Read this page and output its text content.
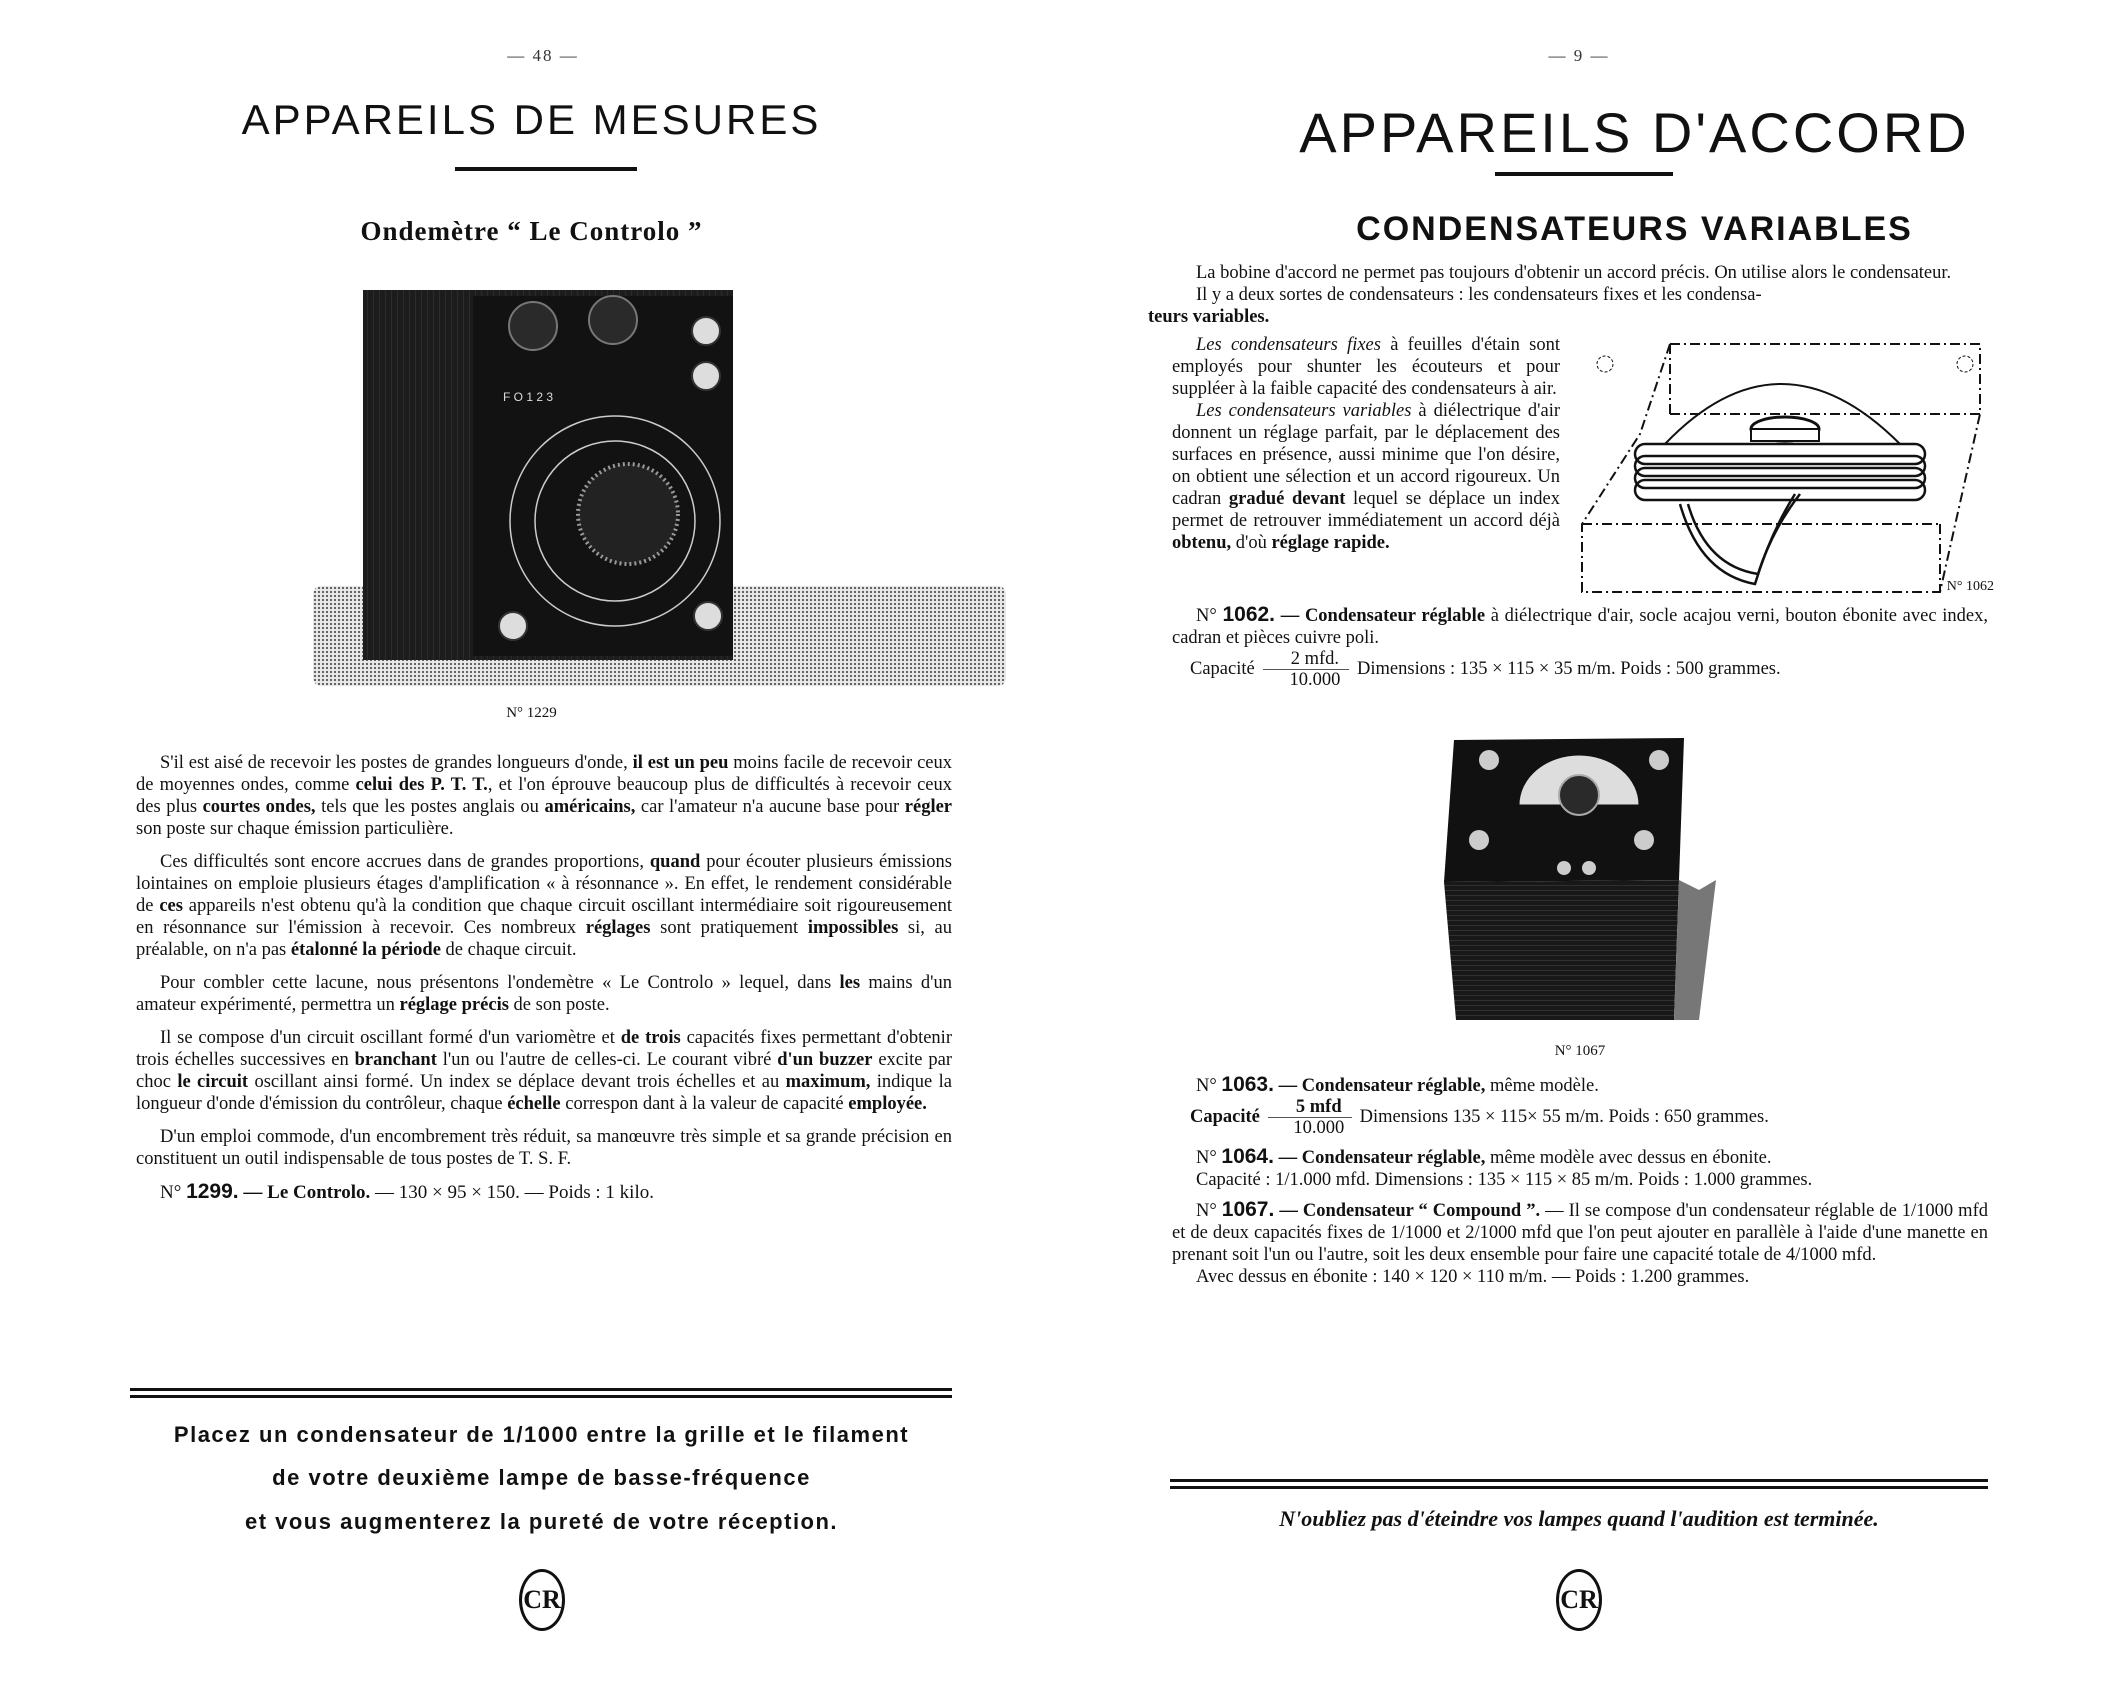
— 48 —
APPAREILS DE MESURES
Ondemètre “ Le Controlo ”
F O 1 2 3
N° 1229

S'il est aisé de recevoir les postes de grandes longueurs d'onde, il est un peu moins facile de recevoir ceux de moyennes ondes, comme celui des P. T. T., et l'on éprouve beaucoup plus de difficultés à recevoir ceux des plus courtes ondes, tels que les postes anglais ou américains, car l'amateur n'a aucune base pour régler son poste sur chaque émission particulière.

Ces difficultés sont encore accrues dans de grandes proportions, quand pour écouter plusieurs émissions lointaines on emploie plusieurs étages d'amplification « à résonnance ». En effet, le rendement considérable de ces appareils n'est obtenu qu'à la condition que chaque circuit oscillant intermédiaire soit rigoureusement en résonnance sur l'émission à recevoir. Ces nombreux réglages sont pratiquement impossibles si, au préalable, on n'a pas étalonné la période de chaque circuit.

Pour combler cette lacune, nous présentons l'ondemètre « Le Controlo » lequel, dans les mains d'un amateur expérimenté, permettra un réglage précis de son poste.

Il se compose d'un circuit oscillant formé d'un variomètre et de trois capacités fixes permettant d'obtenir trois échelles successives en branchant l'un ou l'autre de celles-ci. Le courant vibré d'un buzzer excite par choc le circuit oscillant ainsi formé. Un index se déplace devant trois échelles et au maximum, indique la longueur d'onde d'émission du contrôleur, chaque échelle correspon dant à la valeur de capacité employée.

D'un emploi commode, d'un encombrement très réduit, sa manœuvre très simple et sa grande précision en constituent un outil indispensable de tous postes de T. S. F.

N° 1299. — Le Controlo. — 130 × 95 × 150. — Poids : 1 kilo.

Placez un condensateur de 1/1000 entre la grille et le filament
de votre deuxième lampe de basse-fréquence
et vous augmenterez la pureté de votre réception.
CR
— 9 —
APPAREILS D'ACCORD
CONDENSATEURS VARIABLES

La bobine d'accord ne permet pas toujours d'obtenir un accord précis. On utilise alors le condensateur.

Il y a deux sortes de condensateurs : les condensateurs fixes et les condensa-
teurs variables.

N° 1062

Les condensateurs fixes à feuilles d'étain sont employés pour shunter les écouteurs et pour suppléer à la faible capacité des condensateurs à air.

Les condensateurs variables à diélectrique d'air donnent un réglage parfait, par le déplacement des surfaces en présence, aussi minime que l'on désire, on obtient une sélection et un accord rigoureux. Un cadran gradué devant lequel se déplace un index permet de retrouver immédiatement un accord déjà obtenu, d'où réglage rapide.

N° 1062. — Condensateur réglable à diélectrique d'air, socle acajou verni, bouton ébonite avec index, cadran et pièces cuivre poli.

Capacité $\frac{\text{2 mfd.}}{10.000}$ Dimensions : 135 × 115 × 35 m/m. Poids : 500 grammes.

N° 1067

N° 1063. — Condensateur réglable, même modèle.

Capacité $\frac{\text{5 mfd}}{10.000}$ Dimensions 135 × 115× 55 m/m. Poids : 650 grammes.

N° 1064. — Condensateur réglable, même modèle avec dessus en ébonite.

Capacité : 1/1.000 mfd. Dimensions : 135 × 115 × 85 m/m. Poids : 1.000 grammes.

N° 1067. — Condensateur “ Compound ”. — Il se compose d'un condensateur réglable de 1/1000 mfd et de deux capacités fixes de 1/1000 et 2/1000 mfd que l'on peut ajouter en parallèle à l'aide d'une manette en prenant soit l'un ou l'autre, soit les deux ensemble pour faire une capacité totale de 4/1000 mfd.

Avec dessus en ébonite : 140 × 120 × 110 m/m. — Poids : 1.200 grammes.

N'oubliez pas d'éteindre vos lampes quand l'audition est terminée.
CR
